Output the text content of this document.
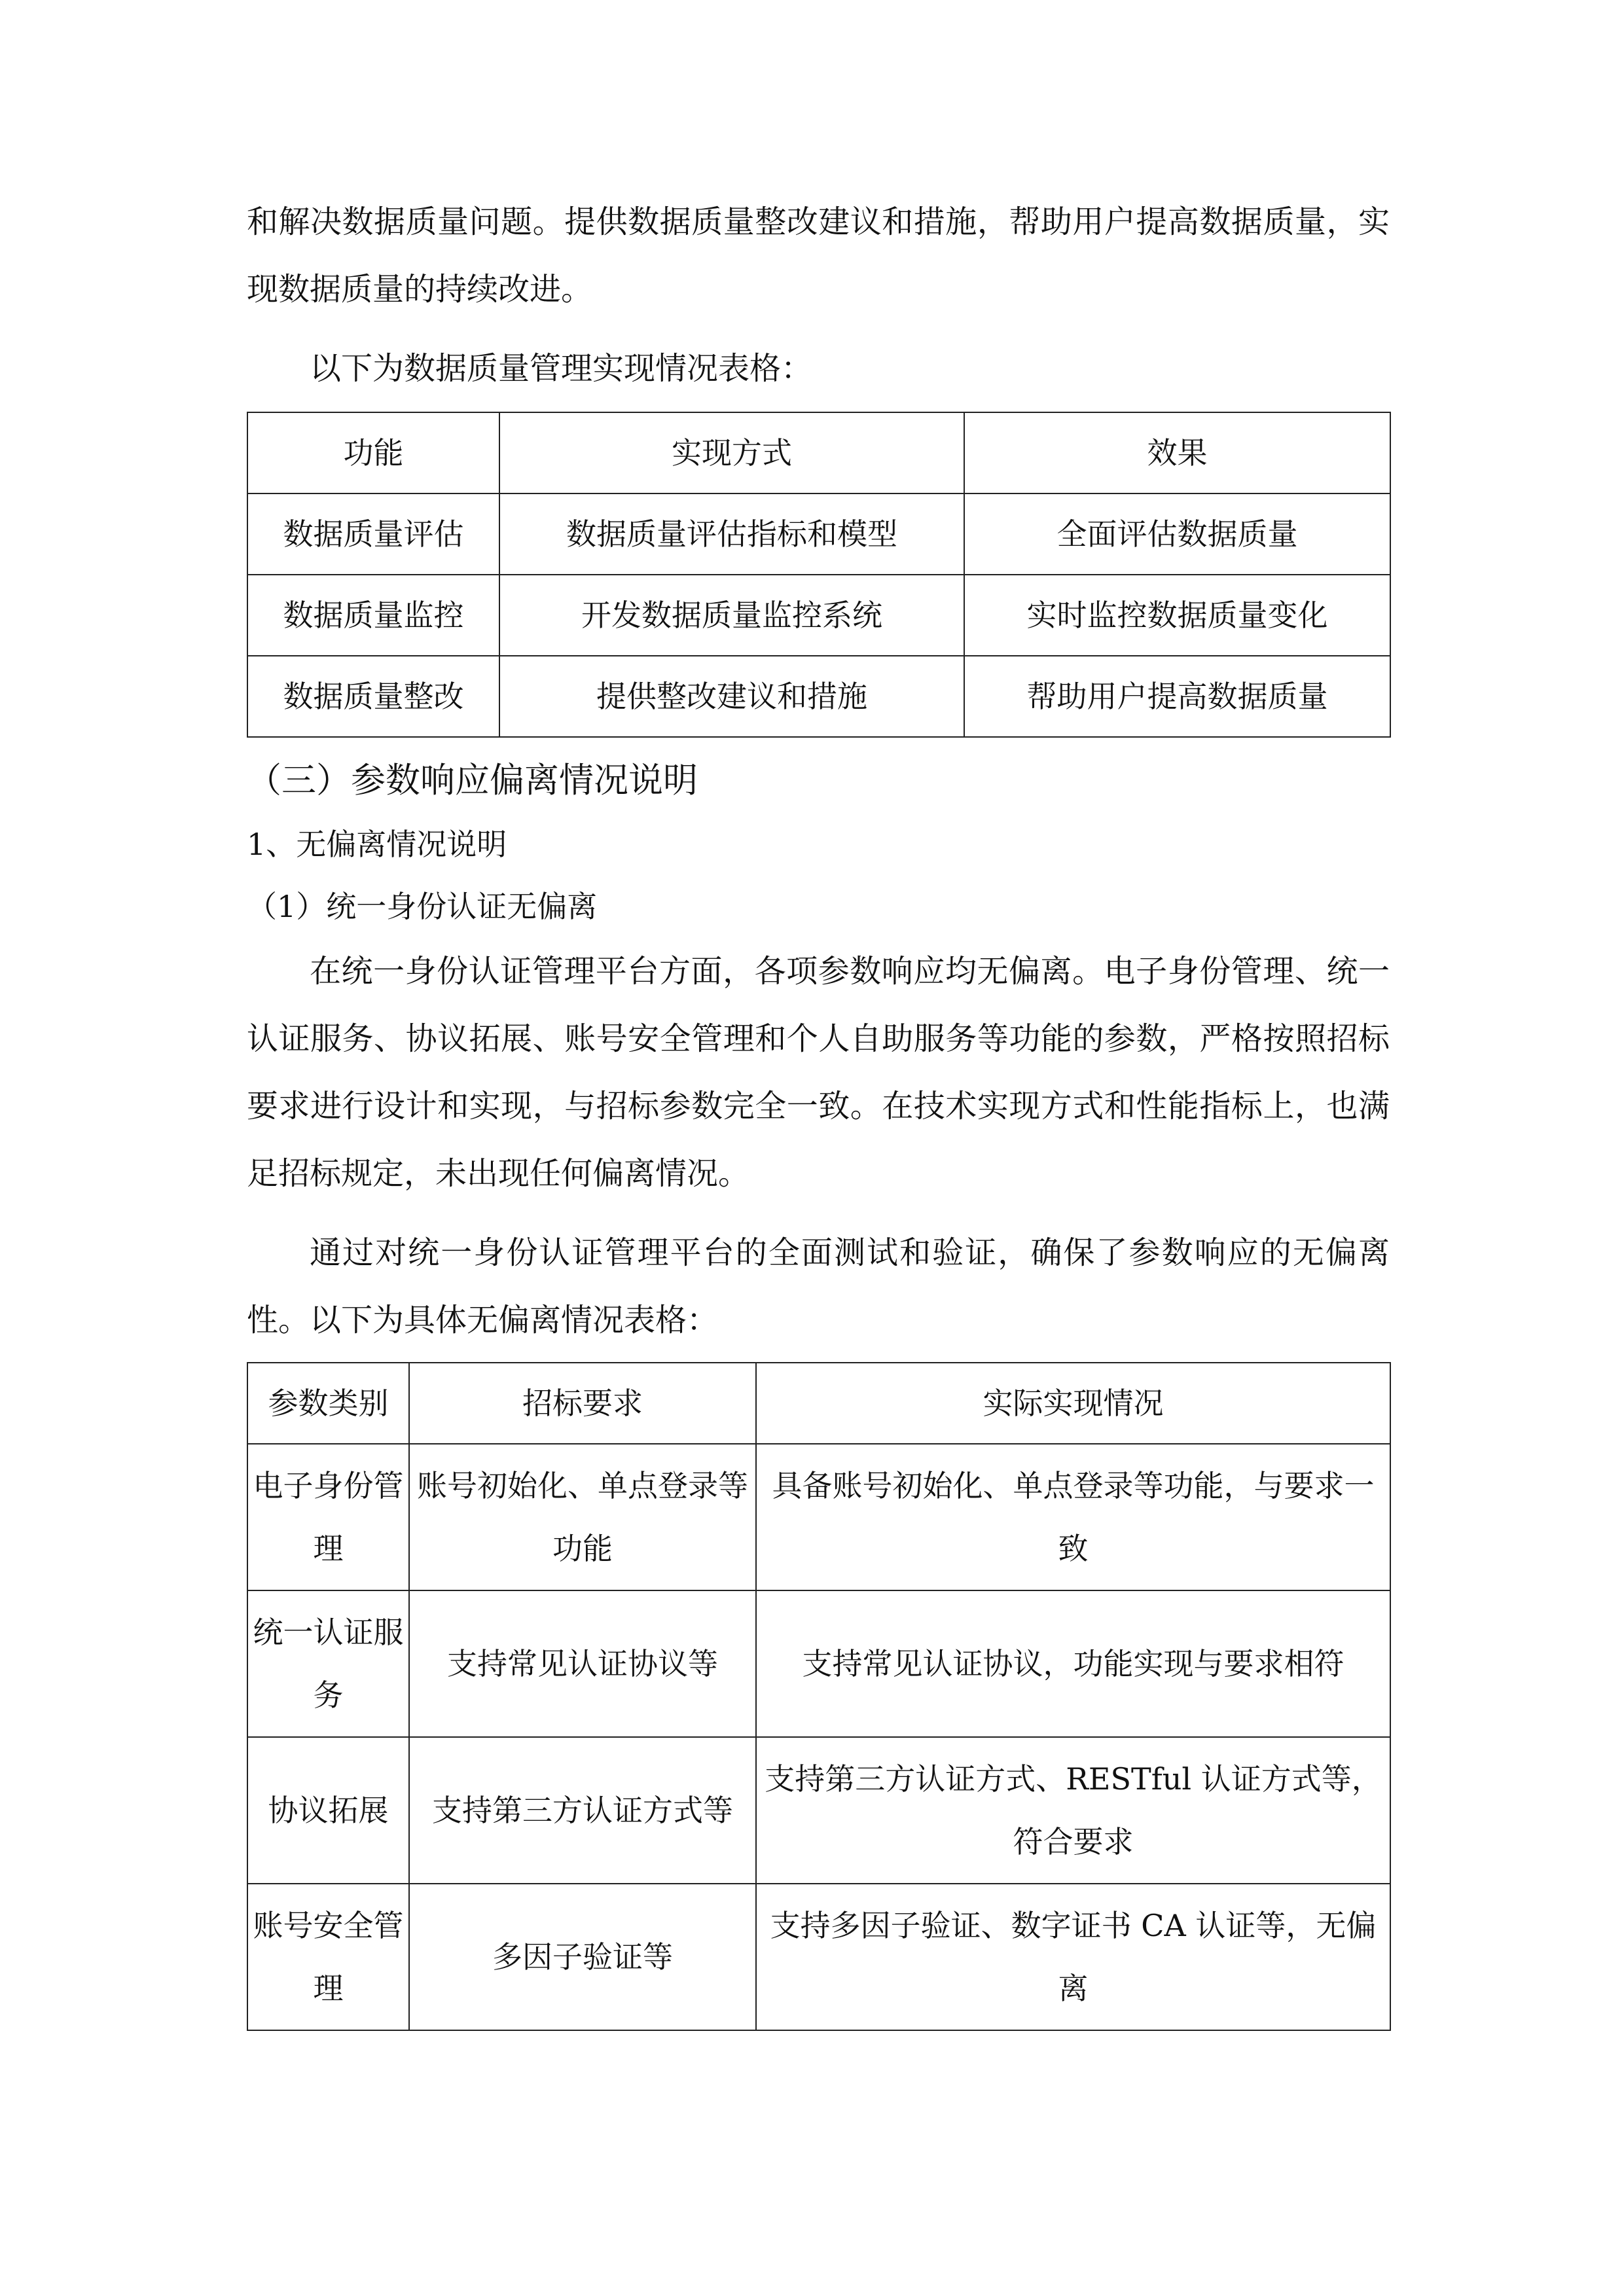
和解决数据质量问题。提供数据质量整改建议和措施，帮助用户提高数据质量，实现数据质量的持续改进。

以下为数据质量管理实现情况表格：

功能	实现方式	效果
数据质量评估	数据质量评估指标和模型	全面评估数据质量
数据质量监控	开发数据质量监控系统	实时监控数据质量变化
数据质量整改	提供整改建议和措施	帮助用户提高数据质量

（三）参数响应偏离情况说明

1、无偏离情况说明

（1）统一身份认证无偏离

在统一身份认证管理平台方面，各项参数响应均无偏离。电子身份管理、统一认证服务、协议拓展、账号安全管理和个人自助服务等功能的参数，严格按照招标要求进行设计和实现，与招标参数完全一致。在技术实现方式和性能指标上，也满足招标规定，未出现任何偏离情况。

通过对统一身份认证管理平台的全面测试和验证，确保了参数响应的无偏离性。以下为具体无偏离情况表格：

参数类别	招标要求	实际实现情况
电子身份管理	账号初始化、单点登录等功能	具备账号初始化、单点登录等功能，与要求一致
统一认证服务	支持常见认证协议等	支持常见认证协议，功能实现与要求相符
协议拓展	支持第三方认证方式等	支持第三方认证方式、RESTful 认证方式等，符合要求
账号安全管理	多因子验证等	支持多因子验证、数字证书 CA 认证等，无偏离
